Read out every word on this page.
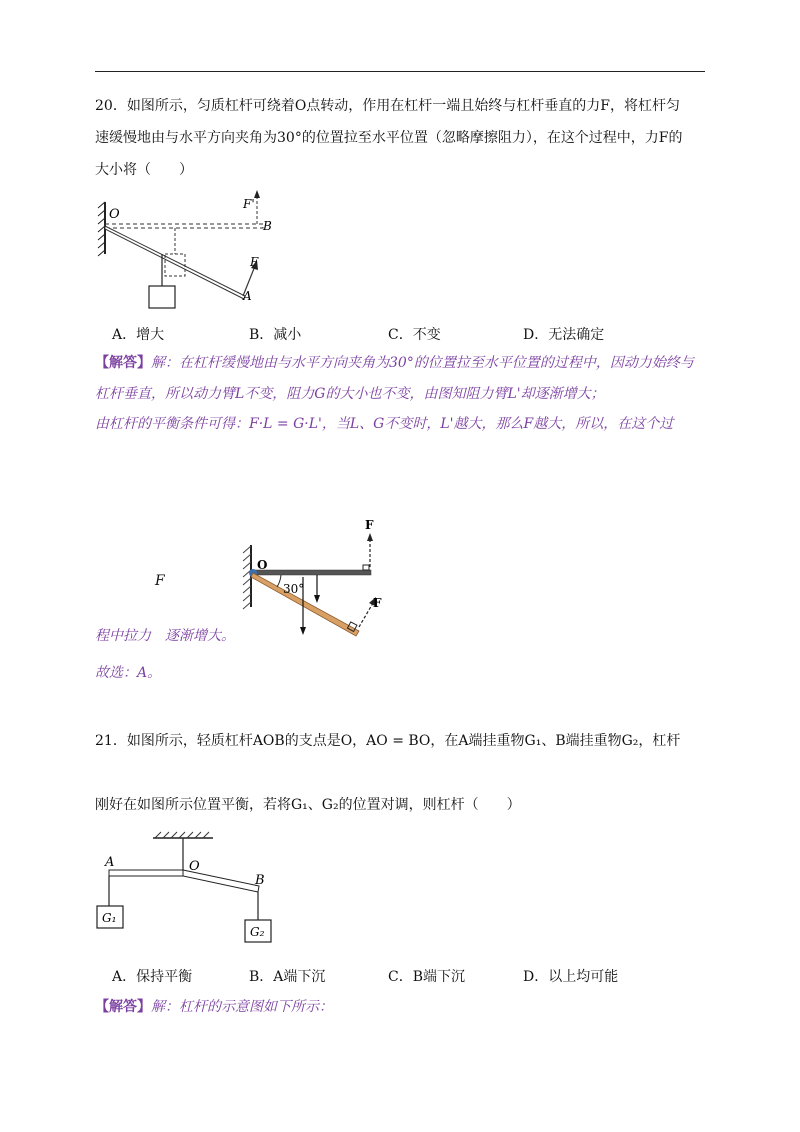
20．如图所示，匀质杠杆可绕着O点转动，作用在杠杆一端且始终与杠杆垂直的力F，将杠杆匀
速缓慢地由与水平方向夹角为30°的位置拉至水平位置（忽略摩擦阻力），在这个过程中，力F的
大小将（　　）
O
F'
B
F
A
A．增大	B．减小	C．不变	D．无法确定
【解答】解：在杠杆缓慢地由与水平方向夹角为30°的位置拉至水平位置的过程中，因动力始终与
杠杆垂直，所以动力臂L不变，阻力G的大小也不变，由图知阻力臂L'却逐渐增大；
由杠杆的平衡条件可得：F·L = G·L'，当L、G不变时，L'越大，那么F越大，所以，在这个过
F
O
30°
F
F
程中拉力　逐渐增大。
故选：A。
21．如图所示，轻质杠杆AOB的支点是O，AO = BO，在A端挂重物G₁、B端挂重物G₂，杠杆
刚好在如图所示位置平衡，若将G₁、G₂的位置对调，则杠杆（　　）
A	O
B
G₁
G₂
A．保持平衡	B．A端下沉	C．B端下沉	D．以上均可能
【解答】解：杠杆的示意图如下所示：
